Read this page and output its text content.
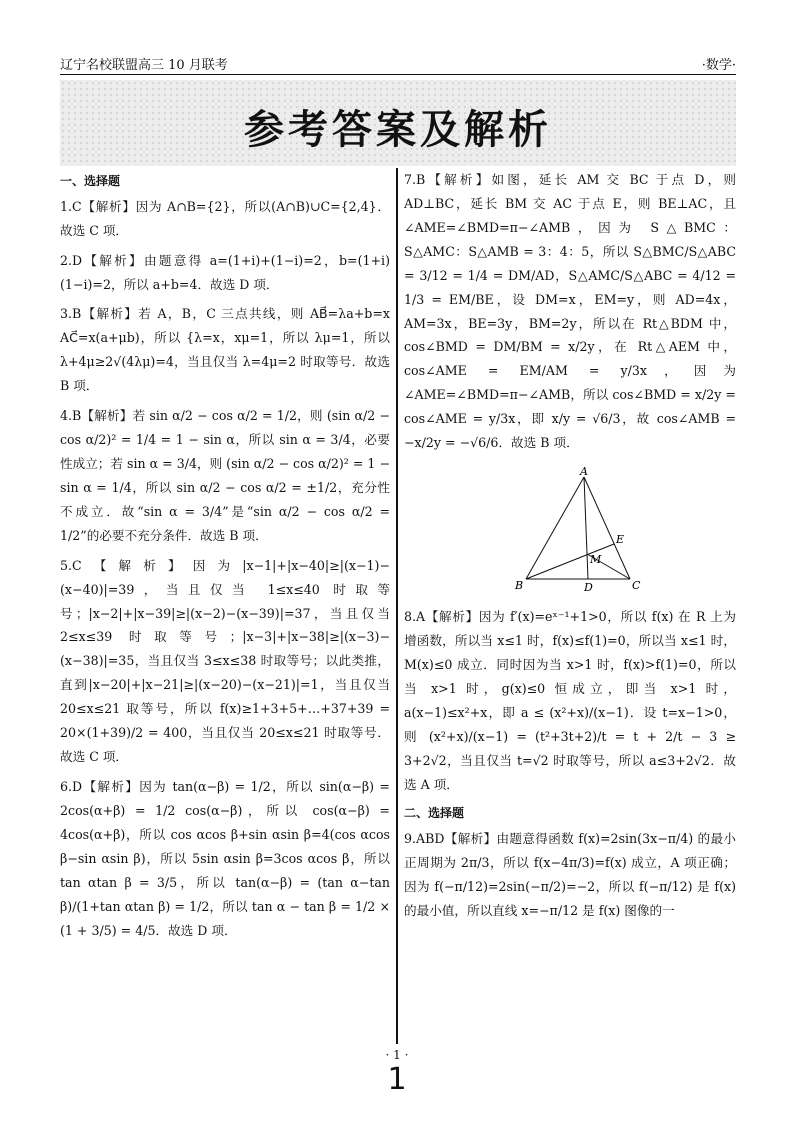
辽宁名校联盟高三 10 月联考	·数学·
参考答案及解析
一、选择题

1.C【解析】因为 A∩B={2}，所以(A∩B)∪C={2,4}．故选 C 项．

2.D【解析】由题意得 a=(1+i)+(1−i)=2，b=(1+i)(1−i)=2，所以 a+b=4．故选 D 项．

3.B【解析】若 A，B，C 三点共线，则 AB⃗=λa+b=x AC⃗=x(a+μb)，所以 {λ=x，xμ=1，所以 λμ=1，所以 λ+4μ≥2√(4λμ)=4，当且仅当 λ=4μ=2 时取等号．故选 B 项．

4.B【解析】若 sin α/2 − cos α/2 = 1/2，则 (sin α/2 − cos α/2)² = 1/4 = 1 − sin α，所以 sin α = 3/4，必要性成立；若 sin α = 3/4，则 (sin α/2 − cos α/2)² = 1 − sin α = 1/4，所以 sin α/2 − cos α/2 = ±1/2，充分性不成立．故“sin α = 3/4”是“sin α/2 − cos α/2 = 1/2”的必要不充分条件．故选 B 项．

5.C【解析】因为|x−1|+|x−40|≥|(x−1)−(x−40)|=39，当且仅当 1≤x≤40 时取等号；|x−2|+|x−39|≥|(x−2)−(x−39)|=37，当且仅当 2≤x≤39 时取等号；|x−3|+|x−38|≥|(x−3)−(x−38)|=35，当且仅当 3≤x≤38 时取等号；以此类推，直到|x−20|+|x−21|≥|(x−20)−(x−21)|=1，当且仅当 20≤x≤21 取等号，所以 f(x)≥1+3+5+…+37+39 = 20×(1+39)/2 = 400，当且仅当 20≤x≤21 时取等号．故选 C 项．

6.D【解析】因为 tan(α−β) = 1/2，所以 sin(α−β) = 2cos(α+β) = 1/2 cos(α−β)，所以 cos(α−β) = 4cos(α+β)，所以 cos αcos β+sin αsin β=4(cos αcos β−sin αsin β)，所以 5sin αsin β=3cos αcos β，所以 tan αtan β = 3/5，所以 tan(α−β) = (tan α−tan β)/(1+tan αtan β) = 1/2，所以 tan α − tan β = 1/2 × (1 + 3/5) = 4/5．故选 D 项．

7.B【解析】如图，延长 AM 交 BC 于点 D，则 AD⊥BC，延长 BM 交 AC 于点 E，则 BE⊥AC，且∠AME=∠BMD=π−∠AMB，因为 S△BMC：S△AMC：S△AMB = 3：4：5，所以 S△BMC/S△ABC = 3/12 = 1/4 = DM/AD，S△AMC/S△ABC = 4/12 = 1/3 = EM/BE，设 DM=x，EM=y，则 AD=4x，AM=3x，BE=3y，BM=2y，所以在 Rt△BDM 中，cos∠BMD = DM/BM = x/2y，在 Rt△AEM 中，cos∠AME = EM/AM = y/3x，因为∠AME=∠BMD=π−∠AMB，所以 cos∠BMD = x/2y = cos∠AME = y/3x，即 x/y = √6/3，故 cos∠AMB = −x/2y = −√6/6．故选 B 项．

A
B	C
D
E
M

8.A【解析】因为 f′(x)=eˣ⁻¹+1>0，所以 f(x) 在 R 上为增函数，所以当 x≤1 时，f(x)≤f(1)=0，所以当 x≤1 时，M(x)≤0 成立．同时因为当 x>1 时，f(x)>f(1)=0，所以当 x>1 时，g(x)≤0 恒成立，即当 x>1 时，a(x−1)≤x²+x，即 a ≤ (x²+x)/(x−1)．设 t=x−1>0，则 (x²+x)/(x−1) = (t²+3t+2)/t = t + 2/t − 3 ≥ 3+2√2，当且仅当 t=√2 时取等号，所以 a≤3+2√2．故选 A 项．

二、选择题

9.ABD【解析】由题意得函数 f(x)=2sin(3x−π/4) 的最小正周期为 2π/3，所以 f(x−4π/3)=f(x) 成立，A 项正确；因为 f(−π/12)=2sin(−π/2)=−2，所以 f(−π/12) 是 f(x) 的最小值，所以直线 x=−π/12 是 f(x) 图像的一

· 1 ·
1
